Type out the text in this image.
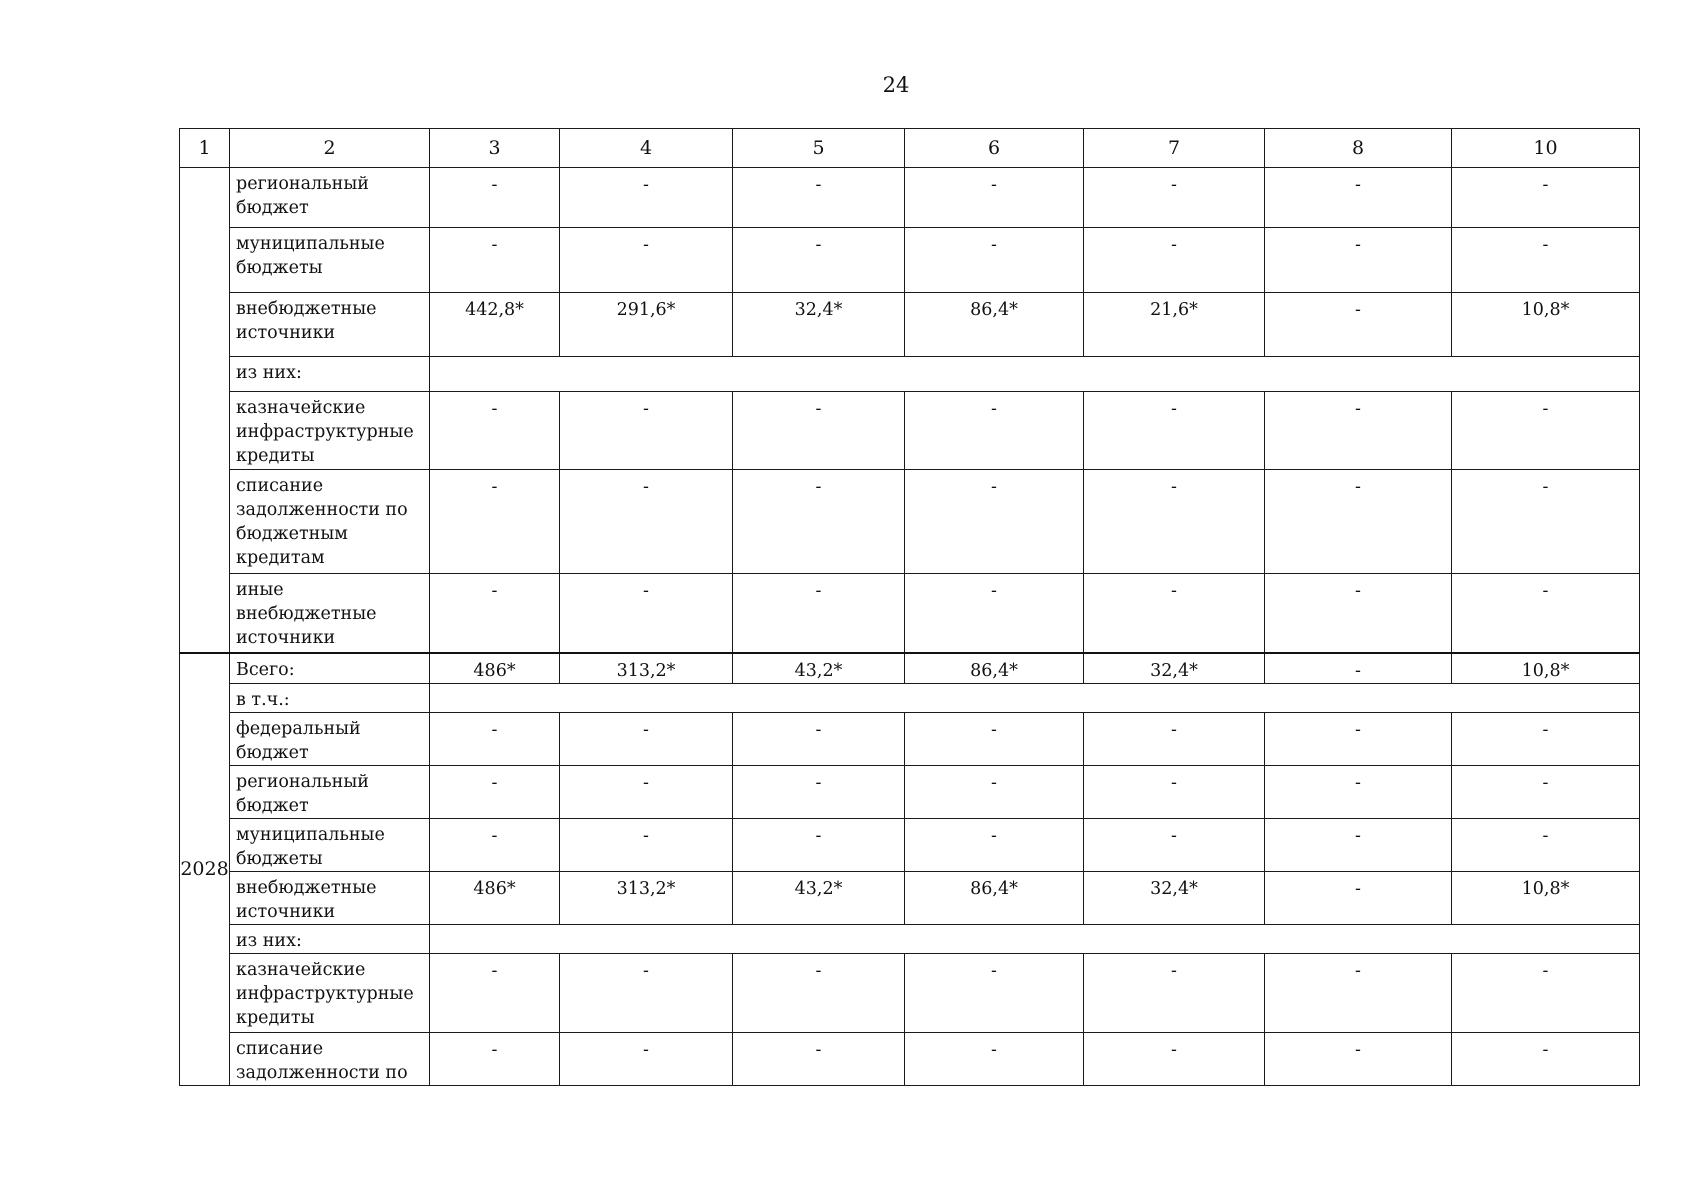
24
1	2	3	4	5	6	7	8	10
	региональный бюджет	-	-	-	-	-	-	-
	муниципальные бюджеты	-	-	-	-	-	-	-
	внебюджетные источники	442,8*	291,6*	32,4*	86,4*	21,6*	-	10,8*
	из них:							
	казначейские инфраструктурные кредиты	-	-	-	-	-	-	-
	списание задолженности по бюджетным кредитам	-	-	-	-	-	-	-
	иные внебюджетные источники	-	-	-	-	-	-	-
2028	Всего:	486*	313,2*	43,2*	86,4*	32,4*	-	10,8*
	в т.ч.:							
	федеральный бюджет	-	-	-	-	-	-	-
	региональный бюджет	-	-	-	-	-	-	-
	муниципальные бюджеты	-	-	-	-	-	-	-
	внебюджетные источники	486*	313,2*	43,2*	86,4*	32,4*	-	10,8*
	из них:							
	казначейские инфраструктурные кредиты	-	-	-	-	-	-	-
	списание задолженности по	-	-	-	-	-	-	-
